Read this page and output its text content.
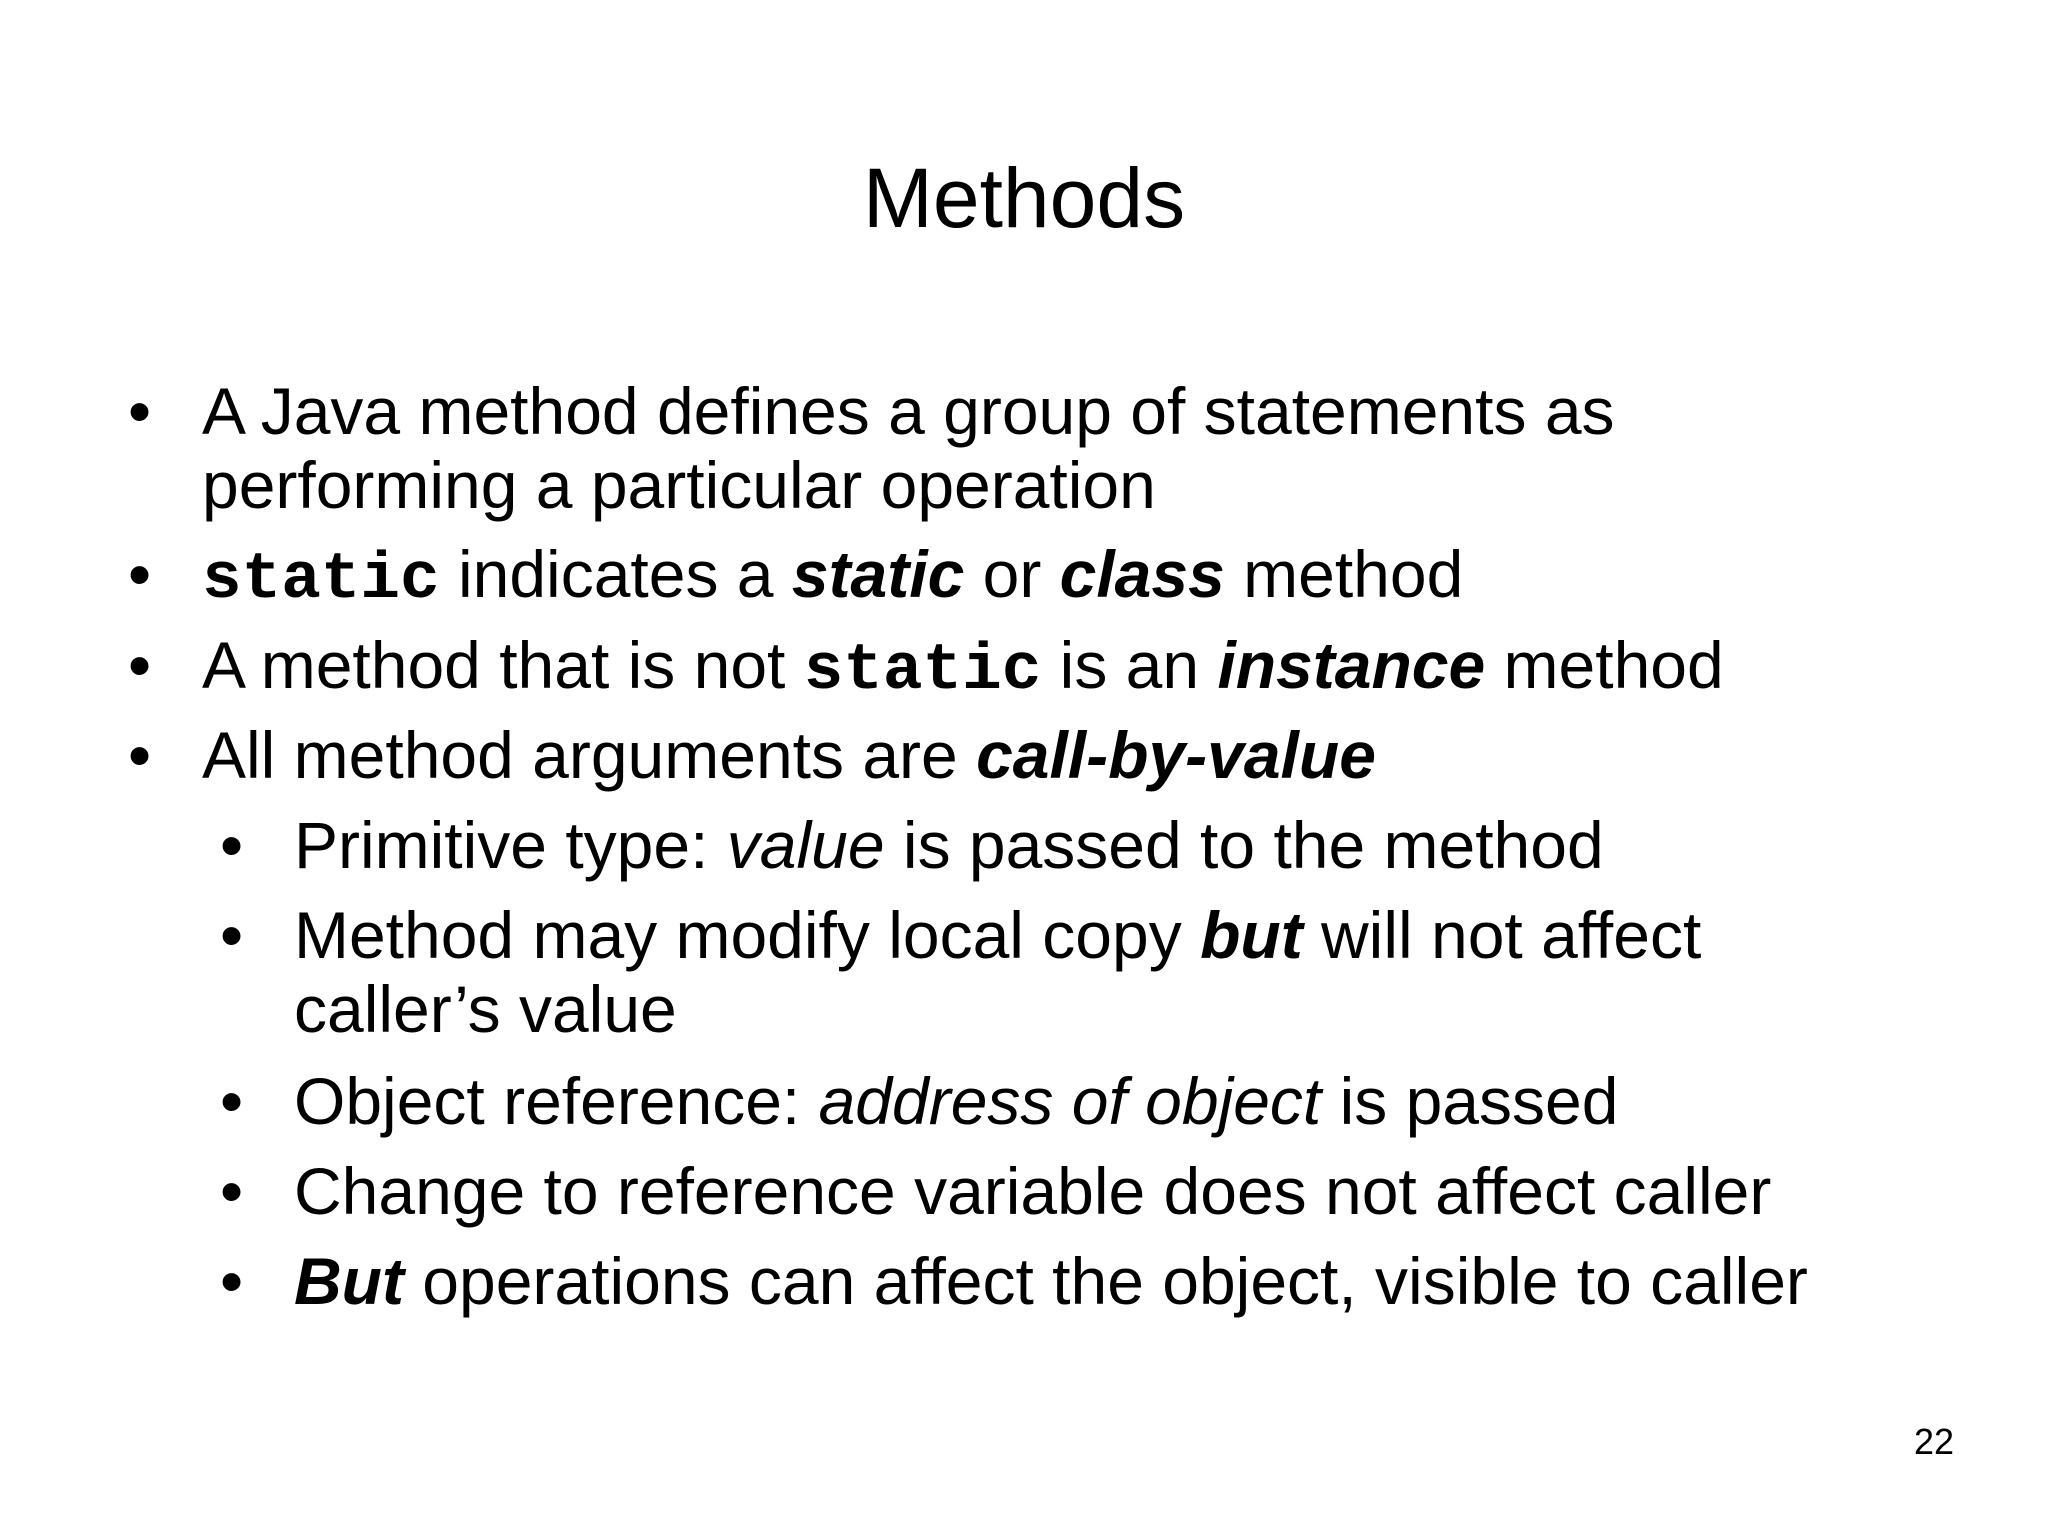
Methods
• A Java method defines a group of statements as
performing a particular operation
• static indicates a static or class method
• A method that is not static is an instance method
• All method arguments are call-by-value
• Primitive type: value is passed to the method
• Method may modify local copy but will not affect
caller’s value
• Object reference: address of object is passed
• Change to reference variable does not affect caller
• But operations can affect the object, visible to caller
22
